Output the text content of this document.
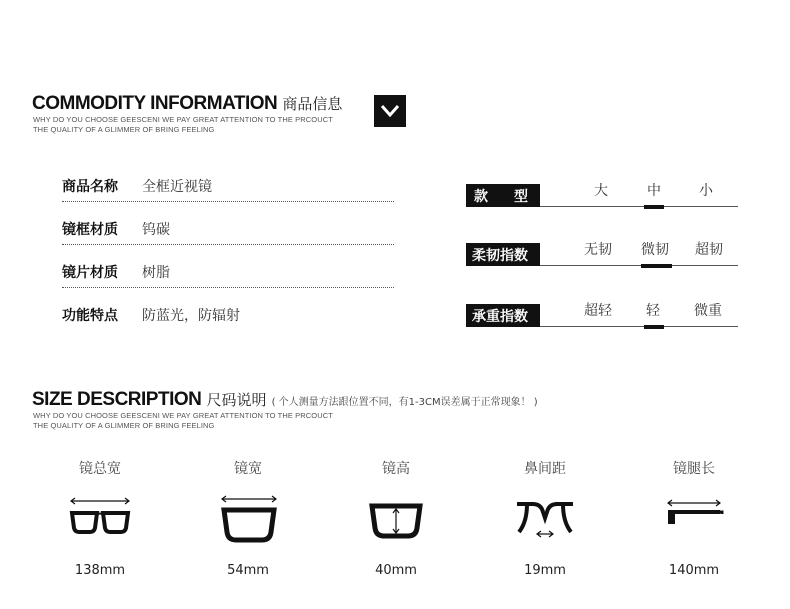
COMMODITY INFORMATION 商品信息
WHY DO YOU CHOOSE GEESCENI WE PAY GREAT ATTENTION TO THE PRCOUCT
THE QUALITY OF A GLIMMER OF BRING FEELING
商品名称 全框近视镜
镜框材质 钨碳
镜片材质 树脂
功能特点 防蓝光，防辐射
款　型	大	中	小
柔韧指数	无韧 微韧 超韧
承重指数	超轻 轻 微重
SIZE DESCRIPTION 尺码说明 ( 个人测量方法跟位置不同，有1-3CM误差属于正常现象！ )
WHY DO YOU CHOOSE GEESCENI WE PAY GREAT ATTENTION TO THE PRCOUCT
THE QUALITY OF A GLIMMER OF BRING FEELING
镜总宽
138mm
镜宽
54mm
镜高
40mm
鼻间距
19mm
镜腿长
140mm
